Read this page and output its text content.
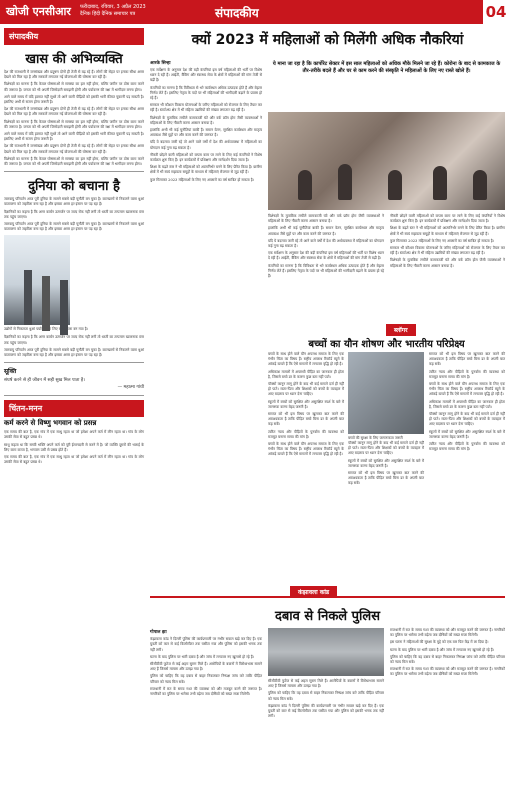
खोजी एनसीआर फरीदाबाद, रविवार, 3 अप्रैल 2023
दैनिक हिंदी दैनिक समाचार पत्र	संपादकीय	04
संपादकीय
खास की अभिव्यक्ति

देश की राजधानी में जनसंख्या और प्रदूषण दोनों ही तेजी से बढ़ रहे हैं। लोगों की सेहत पर इनका सीधा असर देखने को मिल रहा है और सरकारें लगातार नई योजनाओं की घोषणा कर रही हैं।

विशेषज्ञों का मानना है कि केवल घोषणाओं से समस्या का हल नहीं होगा, बल्कि जमीन पर ठोस काम करने की जरूरत है। जनता को भी अपनी जिम्मेदारी समझनी होगी और पर्यावरण की रक्षा में भागीदार बनना होगा।

आने वाले समय में यदि हालात नहीं सुधरे तो आने वाली पीढ़ियों को इसकी भारी कीमत चुकानी पड़ सकती है। इसलिए अभी से सजग होना जरूरी है।

देश की राजधानी में जनसंख्या और प्रदूषण दोनों ही तेजी से बढ़ रहे हैं। लोगों की सेहत पर इनका सीधा असर देखने को मिल रहा है और सरकारें लगातार नई योजनाओं की घोषणा कर रही हैं।

विशेषज्ञों का मानना है कि केवल घोषणाओं से समस्या का हल नहीं होगा, बल्कि जमीन पर ठोस काम करने की जरूरत है। जनता को भी अपनी जिम्मेदारी समझनी होगी और पर्यावरण की रक्षा में भागीदार बनना होगा।

आने वाले समय में यदि हालात नहीं सुधरे तो आने वाली पीढ़ियों को इसकी भारी कीमत चुकानी पड़ सकती है। इसलिए अभी से सजग होना जरूरी है।

देश की राजधानी में जनसंख्या और प्रदूषण दोनों ही तेजी से बढ़ रहे हैं। लोगों की सेहत पर इनका सीधा असर देखने को मिल रहा है और सरकारें लगातार नई योजनाओं की घोषणा कर रही हैं।

विशेषज्ञों का मानना है कि केवल घोषणाओं से समस्या का हल नहीं होगा, बल्कि जमीन पर ठोस काम करने की जरूरत है। जनता को भी अपनी जिम्मेदारी समझनी होगी और पर्यावरण की रक्षा में भागीदार बनना होगा।

दुनिया को बचाना है

जलवायु परिवर्तन आज पूरी दुनिया के सामने सबसे बड़ी चुनौती बन चुका है। कारखानों से निकलने वाला धुआं वातावरण को जहरीला बना रहा है और इसका असर हर इंसान पर पड़ रहा है।

वैज्ञानिकों का कहना है कि अगर कार्बन उत्सर्जन पर जल्द रोक नहीं लगी तो धरती का तापमान खतरनाक स्तर तक पहुंच जाएगा।

जलवायु परिवर्तन आज पूरी दुनिया के सामने सबसे बड़ी चुनौती बन चुका है। कारखानों से निकलने वाला धुआं वातावरण को जहरीला बना रहा है और इसका असर हर इंसान पर पड़ रहा है।

उद्योगों से निकलता धुआं पर्यावरण के लिए बड़ा खतरा बन गया है।

वैज्ञानिकों का कहना है कि अगर कार्बन उत्सर्जन पर जल्द रोक नहीं लगी तो धरती का तापमान खतरनाक स्तर तक पहुंच जाएगा।

जलवायु परिवर्तन आज पूरी दुनिया के सामने सबसे बड़ी चुनौती बन चुका है। कारखानों से निकलने वाला धुआं वातावरण को जहरीला बना रहा है और इसका असर हर इंसान पर पड़ रहा है।

सूक्ति
संघर्ष करने से ही जीवन में सही सुख मिल पाता है।
— महात्मा गांधी
चिंतन-मनन
कर्म करने से विष्णु भगवान को प्रसन्न

एक समय की बात है, एक गांव में एक साधु रहता था जो हमेशा अपने कर्म में लीन रहता था। गांव के लोग उसकी सेवा से बहुत प्रसन्न थे।

साधु कहता था कि सच्ची भक्ति अपने कर्म को पूरी ईमानदारी से करने में है। जो व्यक्ति दूसरों की भलाई के लिए काम करता है, भगवान उसी से प्रसन्न होते हैं।

एक समय की बात है, एक गांव में एक साधु रहता था जो हमेशा अपने कर्म में लीन रहता था। गांव के लोग उसकी सेवा से बहुत प्रसन्न थे।

क्यों 2023 में महिलाओं को मिलेंगी अधिक नौकरियां
आरके सिन्हा

एक सर्वेक्षण के अनुसार देश की बड़ी कंपनियां इस वर्ष महिलाओं की भर्ती पर विशेष ध्यान दे रही हैं। आईटी, बैंकिंग और स्वास्थ्य सेवा के क्षेत्रों में महिलाओं की मांग तेजी से बढ़ी है।

कंपनियों का मानना है कि विविधता से भरे कार्यस्थल अधिक उत्पादक होते हैं और बेहतर निर्णय लेते हैं। इसलिए नेतृत्व के पदों पर भी महिलाओं की भागीदारी बढ़ाने के प्रयास हो रहे हैं।

सरकार भी कौशल विकास योजनाओं के जरिए महिलाओं को रोजगार के लिए तैयार कर रही है। स्टार्टअप क्षेत्र में भी महिला उद्यमियों की संख्या लगातार बढ़ रही है।

विशेषज्ञों के मुताबिक लचीले कामकाजी घंटे और वर्क फ्रॉम होम जैसी व्यवस्थाओं ने महिलाओं के लिए नौकरी करना आसान बनाया है।

हालांकि अभी भी कई चुनौतियां बाकी हैं। समान वेतन, सुरक्षित कार्यस्थल और मातृत्व अवकाश जैसे मुद्दों पर और काम करने की जरूरत है।

यदि ये बदलाव जारी रहे तो आने वाले वर्षों में देश की अर्थव्यवस्था में महिलाओं का योगदान कई गुना बढ़ सकता है।

नौकरी छोड़ने वाली महिलाओं को वापस काम पर लाने के लिए कई कंपनियों ने विशेष कार्यक्रम शुरू किए हैं। इन कार्यक्रमों में प्रशिक्षण और मार्गदर्शन दिया जाता है।

शिक्षा के बढ़ते स्तर ने भी महिलाओं को आत्मनिर्भर बनने के लिए प्रेरित किया है। ग्रामीण क्षेत्रों में भी स्वयं सहायता समूहों के माध्यम से महिलाएं रोजगार से जुड़ रही हैं।

कुल मिलाकर 2023 महिलाओं के लिए नए अवसरों का वर्ष साबित हो सकता है।

ये माना जा रहा है कि कार्पोरेट सेक्टर में इस साल महिलाओं को अधिक मौके मिलने जा रहे हैं। कोरोना के बाद से कामकाज के तौर-तरीके बदले हैं और घर से काम करने की संस्कृति ने महिलाओं के लिए नए रास्ते खोले हैं।

विशेषज्ञों के मुताबिक लचीले कामकाजी घंटे और वर्क फ्रॉम होम जैसी व्यवस्थाओं ने महिलाओं के लिए नौकरी करना आसान बनाया है।

हालांकि अभी भी कई चुनौतियां बाकी हैं। समान वेतन, सुरक्षित कार्यस्थल और मातृत्व अवकाश जैसे मुद्दों पर और काम करने की जरूरत है।

यदि ये बदलाव जारी रहे तो आने वाले वर्षों में देश की अर्थव्यवस्था में महिलाओं का योगदान कई गुना बढ़ सकता है।

एक सर्वेक्षण के अनुसार देश की बड़ी कंपनियां इस वर्ष महिलाओं की भर्ती पर विशेष ध्यान दे रही हैं। आईटी, बैंकिंग और स्वास्थ्य सेवा के क्षेत्रों में महिलाओं की मांग तेजी से बढ़ी है।

कंपनियों का मानना है कि विविधता से भरे कार्यस्थल अधिक उत्पादक होते हैं और बेहतर निर्णय लेते हैं। इसलिए नेतृत्व के पदों पर भी महिलाओं की भागीदारी बढ़ाने के प्रयास हो रहे हैं।

नौकरी छोड़ने वाली महिलाओं को वापस काम पर लाने के लिए कई कंपनियों ने विशेष कार्यक्रम शुरू किए हैं। इन कार्यक्रमों में प्रशिक्षण और मार्गदर्शन दिया जाता है।

शिक्षा के बढ़ते स्तर ने भी महिलाओं को आत्मनिर्भर बनने के लिए प्रेरित किया है। ग्रामीण क्षेत्रों में भी स्वयं सहायता समूहों के माध्यम से महिलाएं रोजगार से जुड़ रही हैं।

कुल मिलाकर 2023 महिलाओं के लिए नए अवसरों का वर्ष साबित हो सकता है।

सरकार भी कौशल विकास योजनाओं के जरिए महिलाओं को रोजगार के लिए तैयार कर रही है। स्टार्टअप क्षेत्र में भी महिला उद्यमियों की संख्या लगातार बढ़ रही है।

विशेषज्ञों के मुताबिक लचीले कामकाजी घंटे और वर्क फ्रॉम होम जैसी व्यवस्थाओं ने महिलाओं के लिए नौकरी करना आसान बनाया है।

ब्लॉगर
बच्चों का यौन शोषण और भारतीय परिप्रेक्ष्य

बच्चों के साथ होने वाले यौन अपराध समाज के लिए एक गंभीर चिंता का विषय हैं। राष्ट्रीय अपराध रिकॉर्ड ब्यूरो के आंकड़े बताते हैं कि ऐसे मामलों में लगातार वृद्धि हो रही है।

अधिकांश मामलों में अपराधी पीड़ित का जानकार ही होता है, जिससे बच्चे डर के कारण कुछ बता नहीं पाते।

पॉक्सो कानून लागू होने के बाद भी कई मामले दर्ज ही नहीं हो पाते। माता-पिता और शिक्षकों को बच्चों के व्यवहार में आए बदलाव पर ध्यान देना चाहिए।

स्कूलों में बच्चों को सुरक्षित और असुरक्षित स्पर्श के बारे में जागरूक करना बेहद जरूरी है।

समाज को भी इस विषय पर खुलकर बात करने की आवश्यकता है ताकि पीड़ित बच्चे बिना डर के अपनी बात कह सकें।

त्वरित न्याय और पीड़ितों के पुनर्वास की व्यवस्था को मजबूत बनाना समय की मांग है।

बच्चों के साथ होने वाले यौन अपराध समाज के लिए एक गंभीर चिंता का विषय हैं। राष्ट्रीय अपराध रिकॉर्ड ब्यूरो के आंकड़े बताते हैं कि ऐसे मामलों में लगातार वृद्धि हो रही है।

बच्चों की सुरक्षा के लिए जागरूकता जरूरी

पॉक्सो कानून लागू होने के बाद भी कई मामले दर्ज ही नहीं हो पाते। माता-पिता और शिक्षकों को बच्चों के व्यवहार में आए बदलाव पर ध्यान देना चाहिए।

स्कूलों में बच्चों को सुरक्षित और असुरक्षित स्पर्श के बारे में जागरूक करना बेहद जरूरी है।

समाज को भी इस विषय पर खुलकर बात करने की आवश्यकता है ताकि पीड़ित बच्चे बिना डर के अपनी बात कह सकें।

समाज को भी इस विषय पर खुलकर बात करने की आवश्यकता है ताकि पीड़ित बच्चे बिना डर के अपनी बात कह सकें।

त्वरित न्याय और पीड़ितों के पुनर्वास की व्यवस्था को मजबूत बनाना समय की मांग है।

बच्चों के साथ होने वाले यौन अपराध समाज के लिए एक गंभीर चिंता का विषय हैं। राष्ट्रीय अपराध रिकॉर्ड ब्यूरो के आंकड़े बताते हैं कि ऐसे मामलों में लगातार वृद्धि हो रही है।

अधिकांश मामलों में अपराधी पीड़ित का जानकार ही होता है, जिससे बच्चे डर के कारण कुछ बता नहीं पाते।

पॉक्सो कानून लागू होने के बाद भी कई मामले दर्ज ही नहीं हो पाते। माता-पिता और शिक्षकों को बच्चों के व्यवहार में आए बदलाव पर ध्यान देना चाहिए।

स्कूलों में बच्चों को सुरक्षित और असुरक्षित स्पर्श के बारे में जागरूक करना बेहद जरूरी है।

त्वरित न्याय और पीड़ितों के पुनर्वास की व्यवस्था को मजबूत बनाना समय की मांग है।

कंझावला कांड
दबाव से निकले पुलिस
गोपाल झा

कंझावला कांड ने दिल्ली पुलिस की कार्यप्रणाली पर गंभीर सवाल खड़े कर दिए हैं। एक युवती को कार से कई किलोमीटर तक घसीटा गया और पुलिस को इसकी भनक तक नहीं लगी।

घटना के बाद पुलिस पर भारी दबाव है और जांच में लगातार नए खुलासे हो रहे हैं।

सीसीटीवी फुटेज से कई अहम सुराग मिले हैं। आरोपियों के बयानों में विरोधाभास सामने आए हैं जिससे मामला और उलझ गया है।

पुलिस को चाहिए कि वह दबाव से बाहर निकलकर निष्पक्ष जांच करे ताकि पीड़ित परिवार को न्याय मिल सके।

राजधानी में रात के समय गश्त की व्यवस्था को और मजबूत करने की जरूरत है। नागरिकों का पुलिस पर भरोसा तभी बढ़ेगा जब दोषियों को सख्त सजा मिलेगी।

सीसीटीवी फुटेज से कई अहम सुराग मिले हैं। आरोपियों के बयानों में विरोधाभास सामने आए हैं जिससे मामला और उलझ गया है।

पुलिस को चाहिए कि वह दबाव से बाहर निकलकर निष्पक्ष जांच करे ताकि पीड़ित परिवार को न्याय मिल सके।

कंझावला कांड ने दिल्ली पुलिस की कार्यप्रणाली पर गंभीर सवाल खड़े कर दिए हैं। एक युवती को कार से कई किलोमीटर तक घसीटा गया और पुलिस को इसकी भनक तक नहीं लगी।

राजधानी में रात के समय गश्त की व्यवस्था को और मजबूत करने की जरूरत है। नागरिकों का पुलिस पर भरोसा तभी बढ़ेगा जब दोषियों को सख्त सजा मिलेगी।

इस घटना ने महिलाओं की सुरक्षा के मुद्दे को एक बार फिर केंद्र में ला दिया है।

घटना के बाद पुलिस पर भारी दबाव है और जांच में लगातार नए खुलासे हो रहे हैं।

पुलिस को चाहिए कि वह दबाव से बाहर निकलकर निष्पक्ष जांच करे ताकि पीड़ित परिवार को न्याय मिल सके।

राजधानी में रात के समय गश्त की व्यवस्था को और मजबूत करने की जरूरत है। नागरिकों का पुलिस पर भरोसा तभी बढ़ेगा जब दोषियों को सख्त सजा मिलेगी।
